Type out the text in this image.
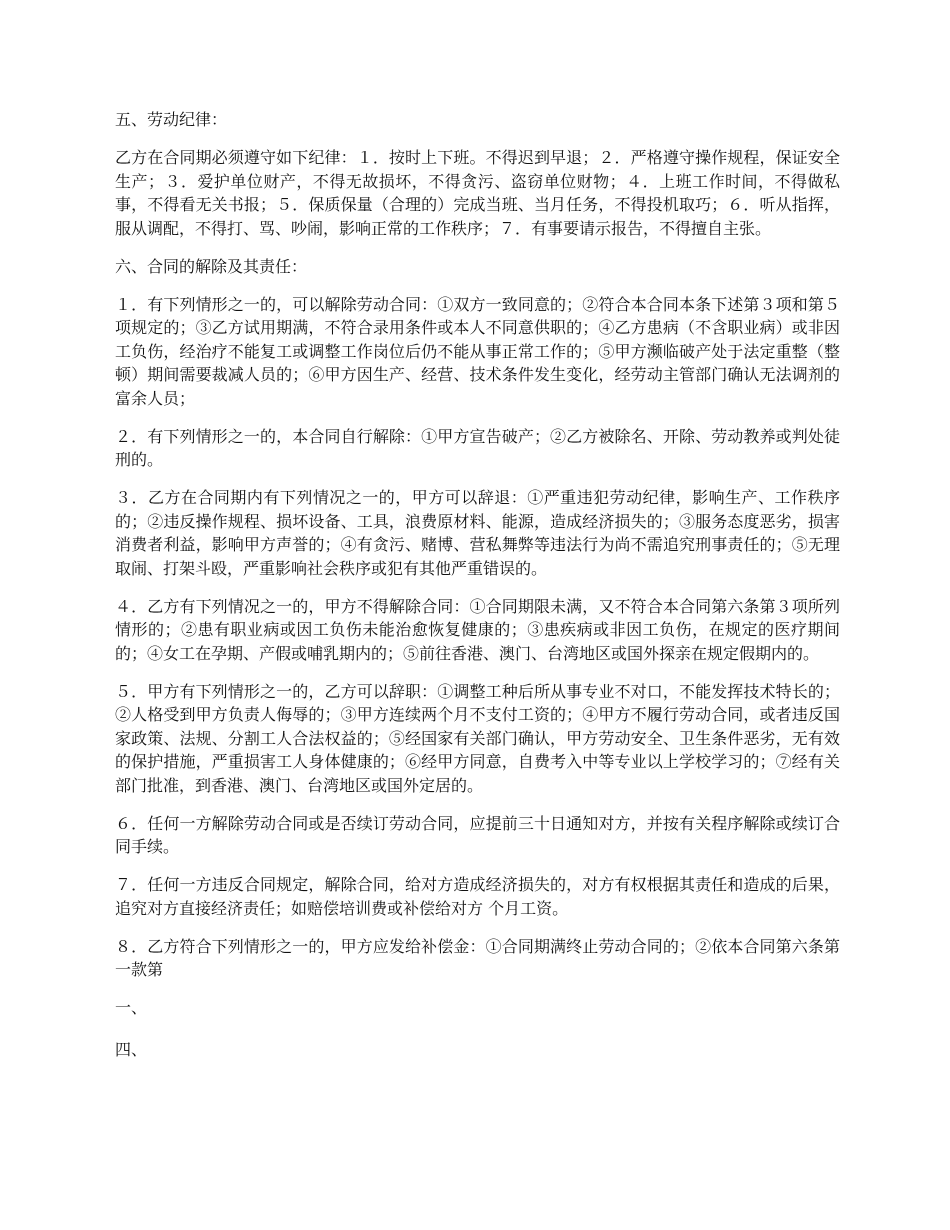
五、劳动纪律：

乙方在合同期必须遵守如下纪律：１．按时上下班。不得迟到早退；２．严格遵守操作规程，保证安全生产；３．爱护单位财产，不得无故损坏，不得贪污、盗窃单位财物；４．上班工作时间，不得做私事，不得看无关书报；５．保质保量（合理的）完成当班、当月任务，不得投机取巧；６．听从指挥，服从调配，不得打、骂、吵闹，影响正常的工作秩序；７．有事要请示报告，不得擅自主张。

六、合同的解除及其责任：

１．有下列情形之一的，可以解除劳动合同：①双方一致同意的；②符合本合同本条下述第３项和第５项规定的；③乙方试用期满，不符合录用条件或本人不同意供职的；④乙方患病（不含职业病）或非因工负伤，经治疗不能复工或调整工作岗位后仍不能从事正常工作的；⑤甲方濒临破产处于法定重整（整顿）期间需要裁减人员的；⑥甲方因生产、经营、技术条件发生变化，经劳动主管部门确认无法调剂的富余人员；

２．有下列情形之一的，本合同自行解除：①甲方宣告破产；②乙方被除名、开除、劳动教养或判处徒刑的。

３．乙方在合同期内有下列情况之一的，甲方可以辞退：①严重违犯劳动纪律，影响生产、工作秩序的；②违反操作规程、损坏设备、工具，浪费原材料、能源，造成经济损失的；③服务态度恶劣，损害消费者利益，影响甲方声誉的；④有贪污、赌博、营私舞弊等违法行为尚不需追究刑事责任的；⑤无理取闹、打架斗殴，严重影响社会秩序或犯有其他严重错误的。

４．乙方有下列情况之一的，甲方不得解除合同：①合同期限未满，又不符合本合同第六条第３项所列情形的；②患有职业病或因工负伤未能治愈恢复健康的；③患疾病或非因工负伤，在规定的医疗期间的；④女工在孕期、产假或哺乳期内的；⑤前往香港、澳门、台湾地区或国外探亲在规定假期内的。

５．甲方有下列情形之一的，乙方可以辞职：①调整工种后所从事专业不对口，不能发挥技术特长的；②人格受到甲方负责人侮辱的；③甲方连续两个月不支付工资的；④甲方不履行劳动合同，或者违反国家政策、法规、分割工人合法权益的；⑤经国家有关部门确认，甲方劳动安全、卫生条件恶劣，无有效的保护措施，严重损害工人身体健康的；⑥经甲方同意，自费考入中等专业以上学校学习的；⑦经有关部门批准，到香港、澳门、台湾地区或国外定居的。

６．任何一方解除劳动合同或是否续订劳动合同，应提前三十日通知对方，并按有关程序解除或续订合同手续。

７．任何一方违反合同规定，解除合同，给对方造成经济损失的，对方有权根据其责任和造成的后果，追究对方直接经济责任；如赔偿培训费或补偿给对方 个月工资。

８．乙方符合下列情形之一的，甲方应发给补偿金：①合同期满终止劳动合同的；②依本合同第六条第一款第

一、

四、
